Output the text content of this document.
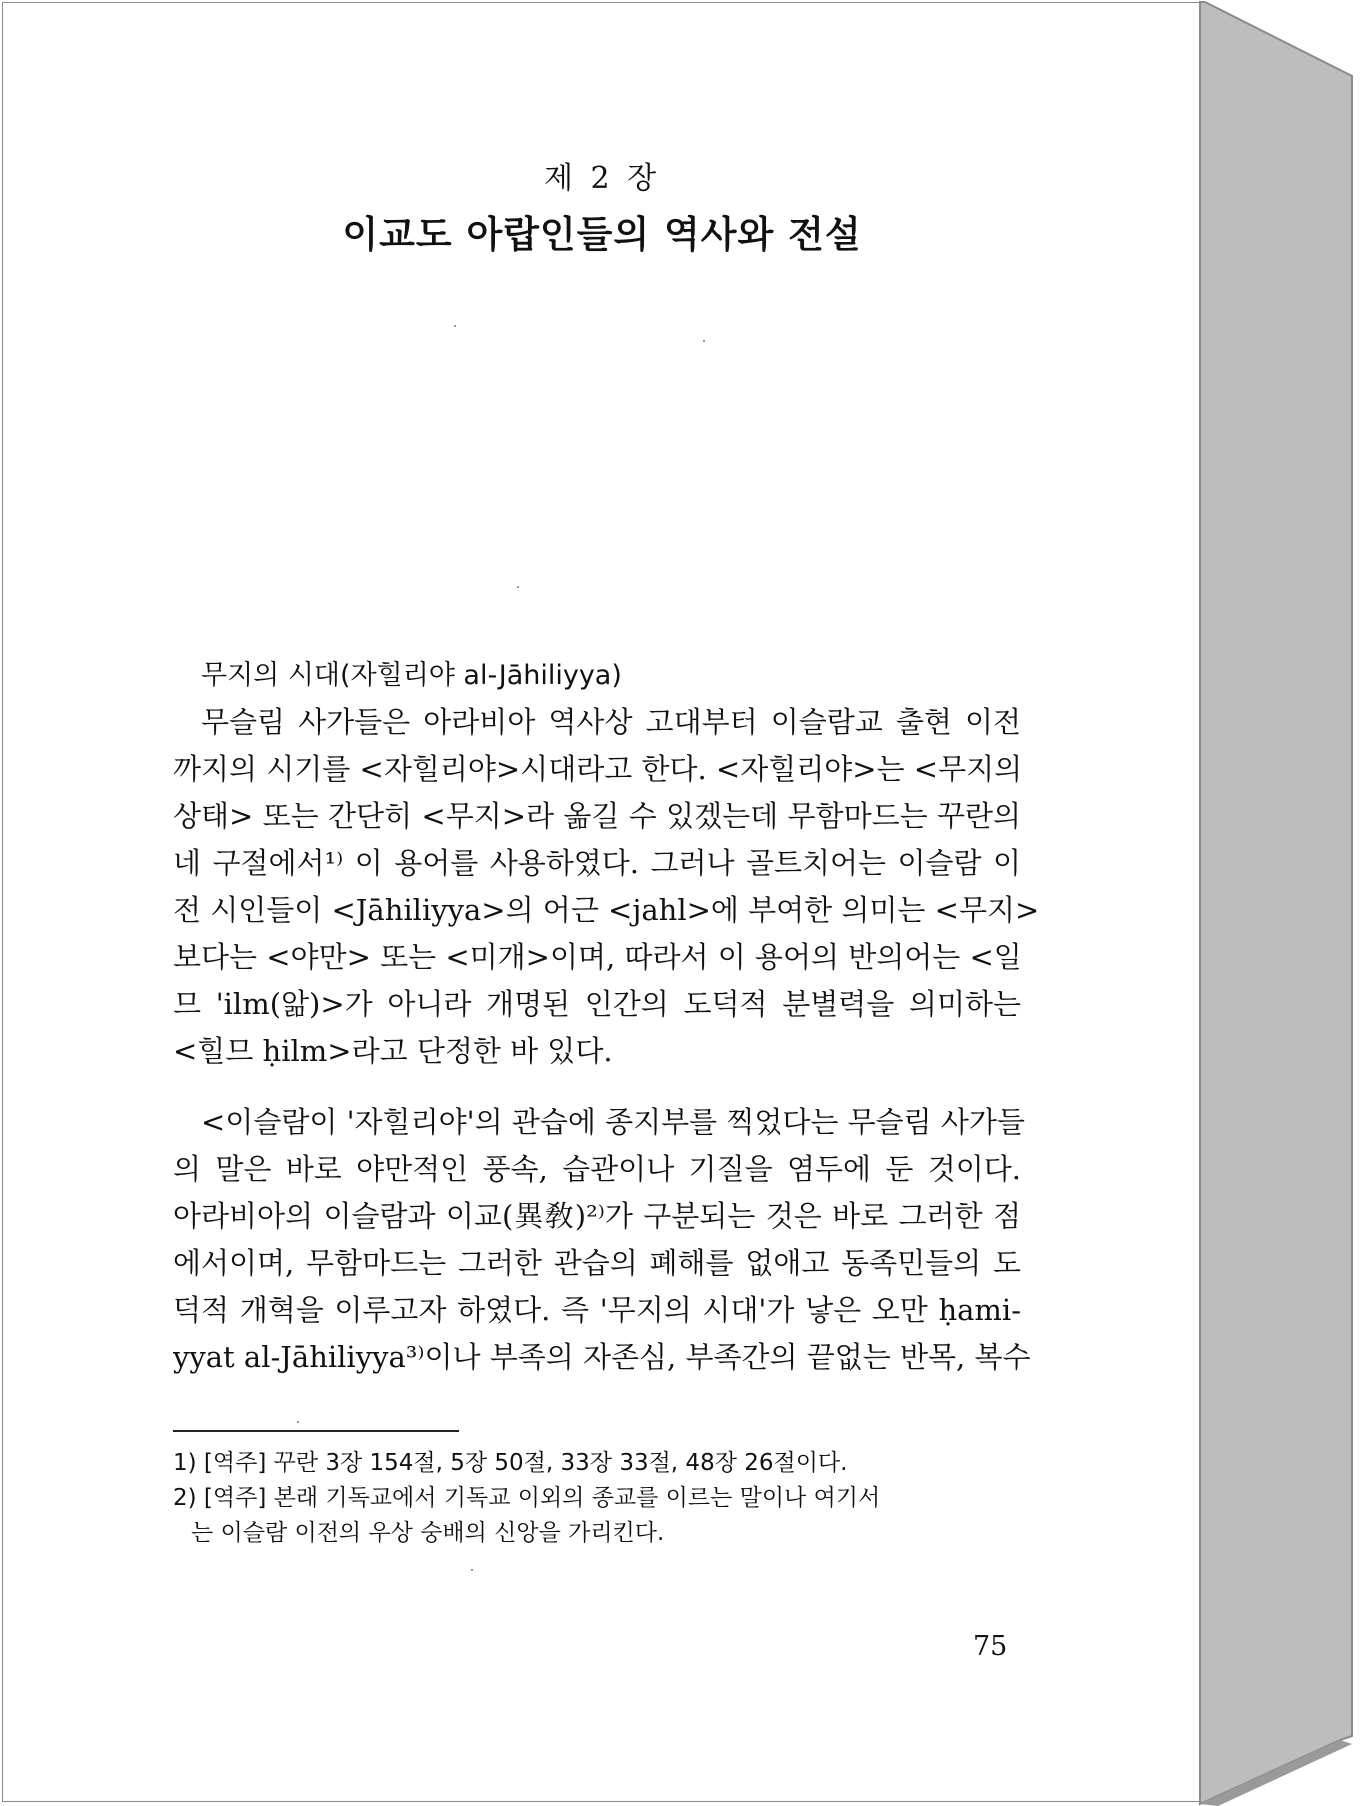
제 2 장
이교도 아랍인들의 역사와 전설
무지의 시대(자힐리야 al-Jāhiliyya)
무슬림 사가들은 아라비아 역사상 고대부터 이슬람교 출현 이전
까지의 시기를 <자힐리야>시대라고 한다. <자힐리야>는 <무지의
상태> 또는 간단히 <무지>라 옮길 수 있겠는데 무함마드는 꾸란의
네 구절에서¹⁾ 이 용어를 사용하였다. 그러나 골트치어는 이슬람 이
전 시인들이 <Jāhiliyya>의 어근 <jahl>에 부여한 의미는 <무지>
보다는 <야만> 또는 <미개>이며, 따라서 이 용어의 반의어는 <일
므 'ilm(앎)>가 아니라 개명된 인간의 도덕적 분별력을 의미하는
<힐므 ḥilm>라고 단정한 바 있다.
<이슬람이 '자힐리야'의 관습에 종지부를 찍었다는 무슬림 사가들
의 말은 바로 야만적인 풍속, 습관이나 기질을 염두에 둔 것이다.
아라비아의 이슬람과 이교(異敎)²⁾가 구분되는 것은 바로 그러한 점
에서이며, 무함마드는 그러한 관습의 폐해를 없애고 동족민들의 도
덕적 개혁을 이루고자 하였다. 즉 '무지의 시대'가 낳은 오만 ḥami-
yyat al-Jāhiliyya³⁾이나 부족의 자존심, 부족간의 끝없는 반목, 복수
1) [역주] 꾸란 3장 154절, 5장 50절, 33장 33절, 48장 26절이다.
2) [역주] 본래 기독교에서 기독교 이외의 종교를 이르는 말이나 여기서
는 이슬람 이전의 우상 숭배의 신앙을 가리킨다.
75
